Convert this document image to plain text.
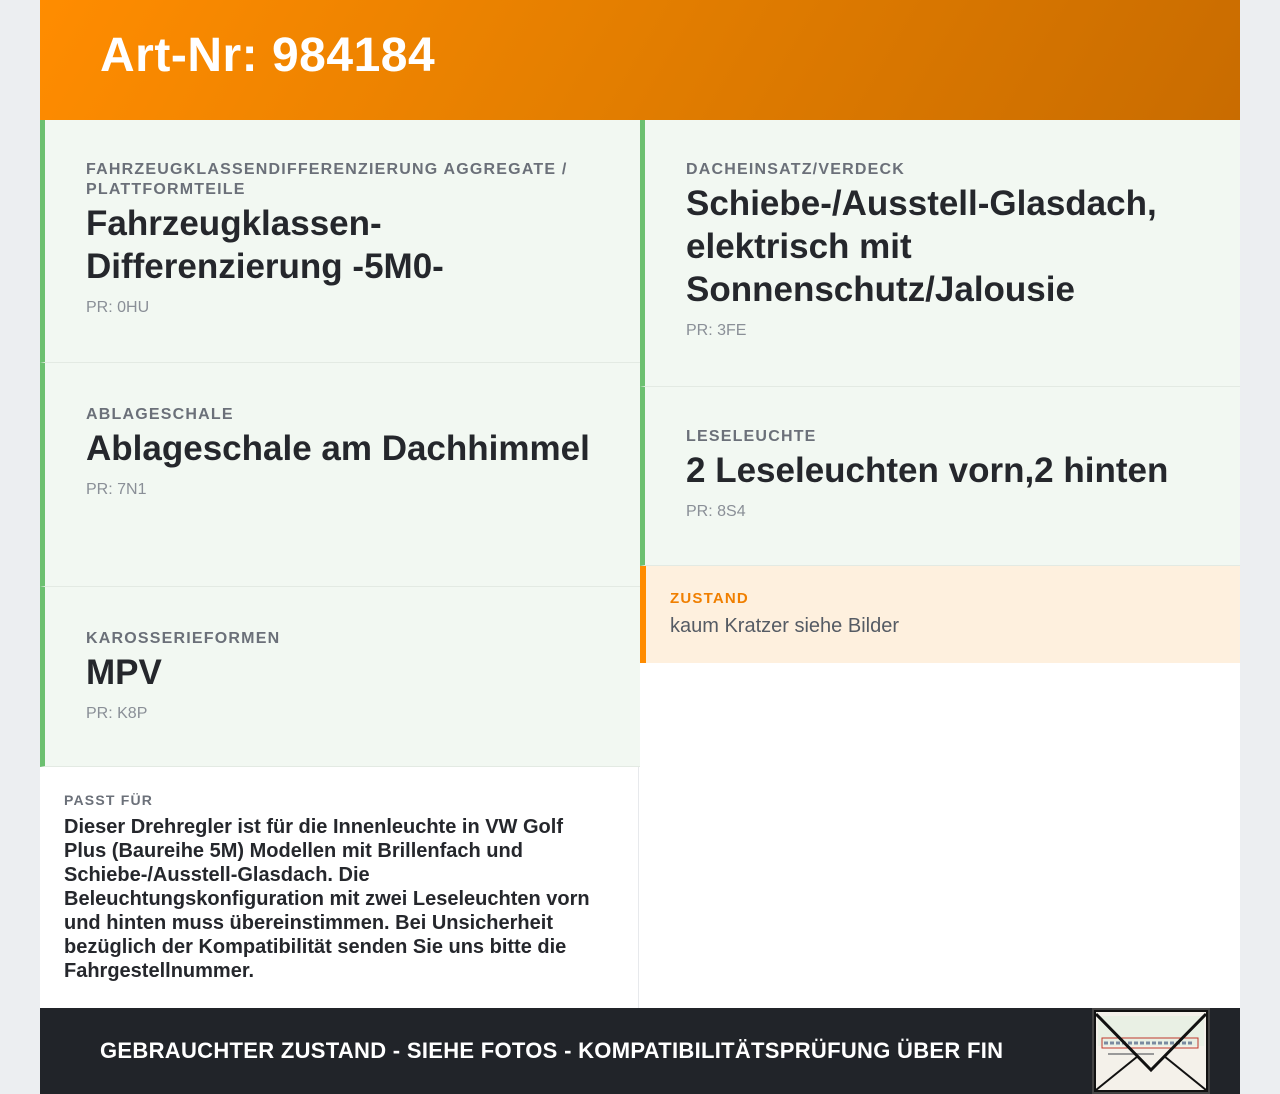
Art-Nr: 984184
FAHRZEUGKLASSENDIFFERENZIERUNG AGGREGATE / PLATTFORMTEILE
Fahrzeugklassen-Differenzierung -5M0-
PR: 0HU
ABLAGESCHALE
Ablageschale am Dachhimmel
PR: 7N1
KAROSSERIEFORMEN
MPV
PR: K8P
DACHEINSATZ/VERDECK
Schiebe-/Ausstell-Glasdach, elektrisch mit Sonnenschutz/Jalousie
PR: 3FE
LESELEUCHTE
2 Leseleuchten vorn,2 hinten
PR: 8S4
ZUSTAND
kaum Kratzer siehe Bilder
PASST FÜR
Dieser Drehregler ist für die Innenleuchte in VW Golf Plus (Baureihe 5M) Modellen mit Brillenfach und Schiebe-/Ausstell-Glasdach. Die Beleuchtungskonfiguration mit zwei Leseleuchten vorn und hinten muss übereinstimmen. Bei Unsicherheit bezüglich der Kompatibilität senden Sie uns bitte die Fahrgestellnummer.
GEBRAUCHTER ZUSTAND - SIEHE FOTOS - KOMPATIBILITÄTSPRÜFUNG ÜBER FIN
